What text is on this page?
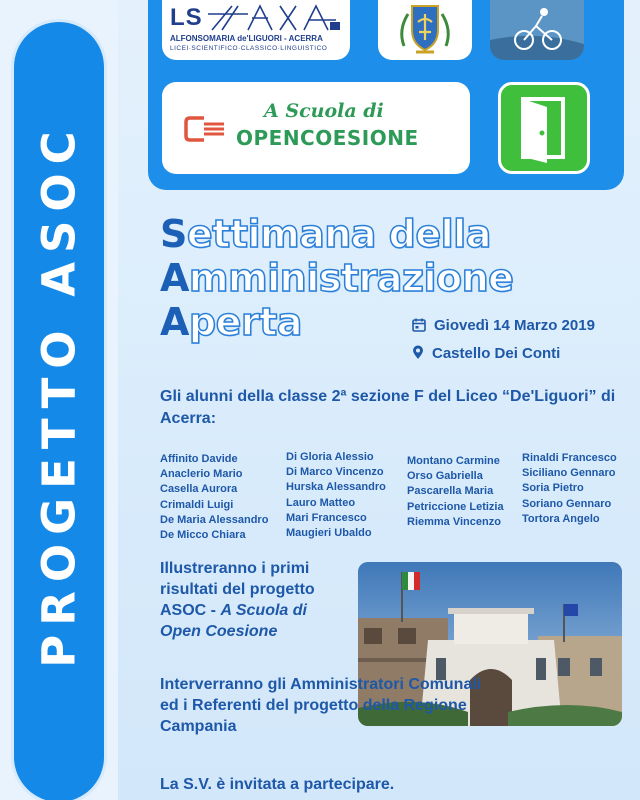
PROGETTO ASOC
LS
ALFONSOMARIA de'LIGUORI - ACERRA
LICEI·SCIENTIFICO·CLASSICO·LINGUISTICO
A Scuola di
OPENCOESIONE
Settimana della
Amministrazione
Aperta	Giovedì 14 Marzo 2019
Castello Dei Conti
Gli alunni della classe 2ª sezione F del Liceo “De'Liguori” di Acerra:
Affinito Davide
Anaclerio Mario
Casella Aurora
Crimaldi Luigi
De Maria Alessandro
De Micco Chiara
Di Gloria Alessio
Di Marco Vincenzo
Hurska Alessandro
Lauro Matteo
Mari Francesco
Maugieri Ubaldo
Montano Carmine
Orso Gabriella
Pascarella Maria
Petriccione Letizia
Riemma Vincenzo
Rinaldi Francesco
Siciliano Gennaro
Soria Pietro
Soriano Gennaro
Tortora Angelo
Illustreranno i primi risultati del progetto ASOC - A Scuola di Open Coesione
Interverranno gli Amministratori Comunali ed i Referenti del progetto della Regione Campania
La S.V. è invitata a partecipare.
